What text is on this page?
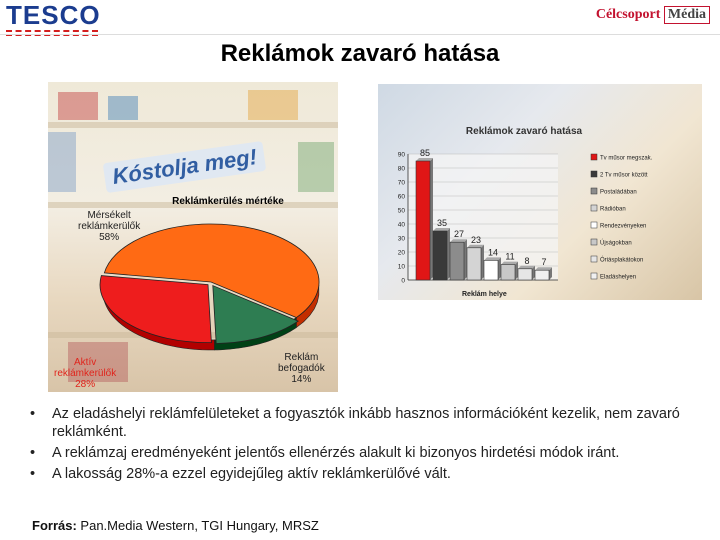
TESCO	Célcsoport Média
Reklámok zavaró hatása
Kóstolja meg!
Reklámkerülés mértéke
Mérsékelt
reklámkerülők
58%
Reklám
befogadók
14%
Aktív
reklámkerülők
28%
Reklámok zavaró hatása
0
10
20
30
40
50
60
70
80
90 85
35
27
23
14 11 8 7
Tv műsor megszak.
2 Tv műsor között
Postaládában
Rádióban
Rendezvényeken
Újságokban
Óriásplakátokon
Eladáshelyen
Reklám helye
• Az eladáshelyi reklámfelületeket a fogyasztók inkább hasznos információként kezelik, nem zavaró reklámként.
• A reklámzaj eredményeként jelentős ellenérzés alakult ki bizonyos hirdetési módok iránt.
• A lakosság 28%-a ezzel egyidejűleg aktív reklámkerülővé vált.
Forrás: Pan.Media Western, TGI Hungary, MRSZ
